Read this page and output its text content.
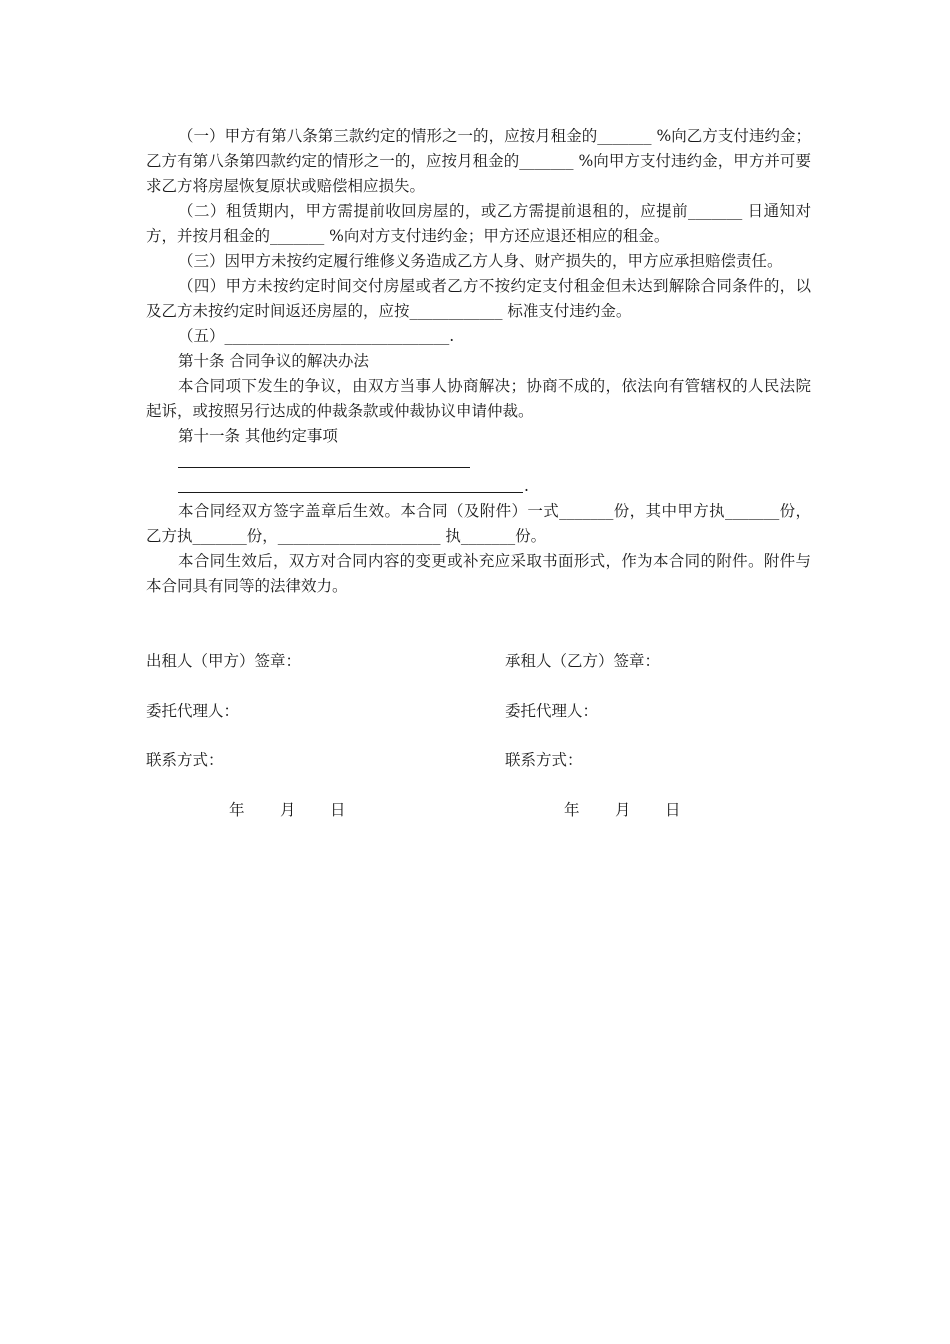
（一）甲方有第八条第三款约定的情形之一的，应按月租金的_______ %向乙方支付违约金；乙方有第八条第四款约定的情形之一的，应按月租金的_______ %向甲方支付违约金，甲方并可要求乙方将房屋恢复原状或赔偿相应损失。

（二）租赁期内，甲方需提前收回房屋的，或乙方需提前退租的，应提前_______ 日通知对方，并按月租金的_______ %向对方支付违约金；甲方还应退还相应的租金。

（三）因甲方未按约定履行维修义务造成乙方人身、财产损失的，甲方应承担赔偿责任。

（四）甲方未按约定时间交付房屋或者乙方不按约定支付租金但未达到解除合同条件的，以及乙方未按约定时间返还房屋的，应按____________ 标准支付违约金。

（五）_____________________________.

第十条 合同争议的解决办法

本合同项下发生的争议，由双方当事人协商解决；协商不成的，依法向有管辖权的人民法院起诉，或按照另行达成的仲裁条款或仲裁协议申请仲裁。

第十一条 其他约定事项

.

本合同经双方签字盖章后生效。本合同（及附件）一式_______份，其中甲方执_______份，乙方执_______份，_____________________ 执_______份。

本合同生效后，双方对合同内容的变更或补充应采取书面形式，作为本合同的附件。附件与本合同具有同等的法律效力。

出租人（甲方）签章：	承租人（乙方）签章：
委托代理人：	委托代理人：
联系方式：	联系方式：
年 月 日	年 月 日
